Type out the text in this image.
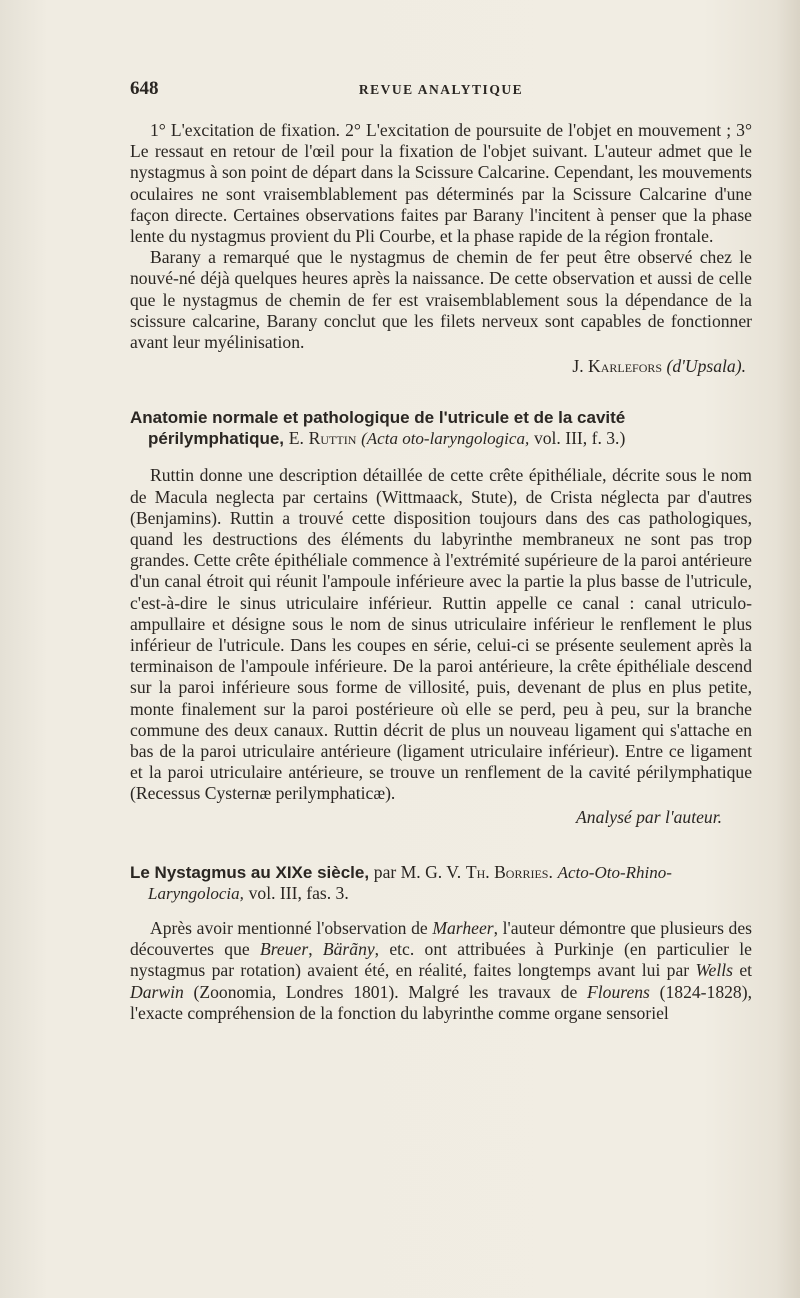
648	REVUE ANALYTIQUE

1° L'excitation de fixation. 2° L'excitation de poursuite de l'objet en mouvement ; 3° Le ressaut en retour de l'œil pour la fixation de l'objet suivant. L'auteur admet que le nystagmus à son point de départ dans la Scissure Calcarine. Cependant, les mouvements oculaires ne sont vraisemblablement pas déterminés par la Scissure Calcarine d'une façon directe. Certaines observations faites par Barany l'incitent à penser que la phase lente du nystagmus provient du Pli Courbe, et la phase rapide de la région frontale.

Barany a remarqué que le nystagmus de chemin de fer peut être observé chez le nouvé-né déjà quelques heures après la naissance. De cette observation et aussi de celle que le nystagmus de chemin de fer est vraisemblablement sous la dépendance de la scissure calcarine, Barany conclut que les filets nerveux sont capables de fonctionner avant leur myélinisation.

J. Karlefors (d'Upsala).

Anatomie normale et pathologique de l'utricule et de la cavité périlymphatique, E. Ruttin (Acta oto-laryngologica, vol. III, f. 3.)

Ruttin donne une description détaillée de cette crête épithéliale, décrite sous le nom de Macula neglecta par certains (Wittmaack, Stute), de Crista néglecta par d'autres (Benjamins). Ruttin a trouvé cette disposition toujours dans des cas pathologiques, quand les destructions des éléments du labyrinthe membraneux ne sont pas trop grandes. Cette crête épithéliale commence à l'extrémité supérieure de la paroi antérieure d'un canal étroit qui réunit l'ampoule inférieure avec la partie la plus basse de l'utricule, c'est-à-dire le sinus utriculaire inférieur. Ruttin appelle ce canal : canal utriculo-ampullaire et désigne sous le nom de sinus utriculaire inférieur le renflement le plus inférieur de l'utricule. Dans les coupes en série, celui-ci se présente seulement après la terminaison de l'ampoule inférieure. De la paroi antérieure, la crête épithéliale descend sur la paroi inférieure sous forme de villosité, puis, devenant de plus en plus petite, monte finalement sur la paroi postérieure où elle se perd, peu à peu, sur la branche commune des deux canaux. Ruttin décrit de plus un nouveau ligament qui s'attache en bas de la paroi utriculaire antérieure (ligament utriculaire inférieur). Entre ce ligament et la paroi utriculaire antérieure, se trouve un renflement de la cavité périlymphatique (Recessus Cysternæ perilymphaticæ).

Analysé par l'auteur.

Le Nystagmus au XIXe siècle, par M. G. V. Th. Borries. Acto-Oto-Rhino-Laryngolocia, vol. III, fas. 3.

Après avoir mentionné l'observation de Marheer, l'auteur démontre que plusieurs des découvertes que Breuer, Bärãny, etc. ont attribuées à Purkinje (en particulier le nystagmus par rotation) avaient été, en réalité, faites longtemps avant lui par Wells et Darwin (Zoonomia, Londres 1801). Malgré les travaux de Flourens (1824-1828), l'exacte compréhension de la fonction du labyrinthe comme organe sensoriel
